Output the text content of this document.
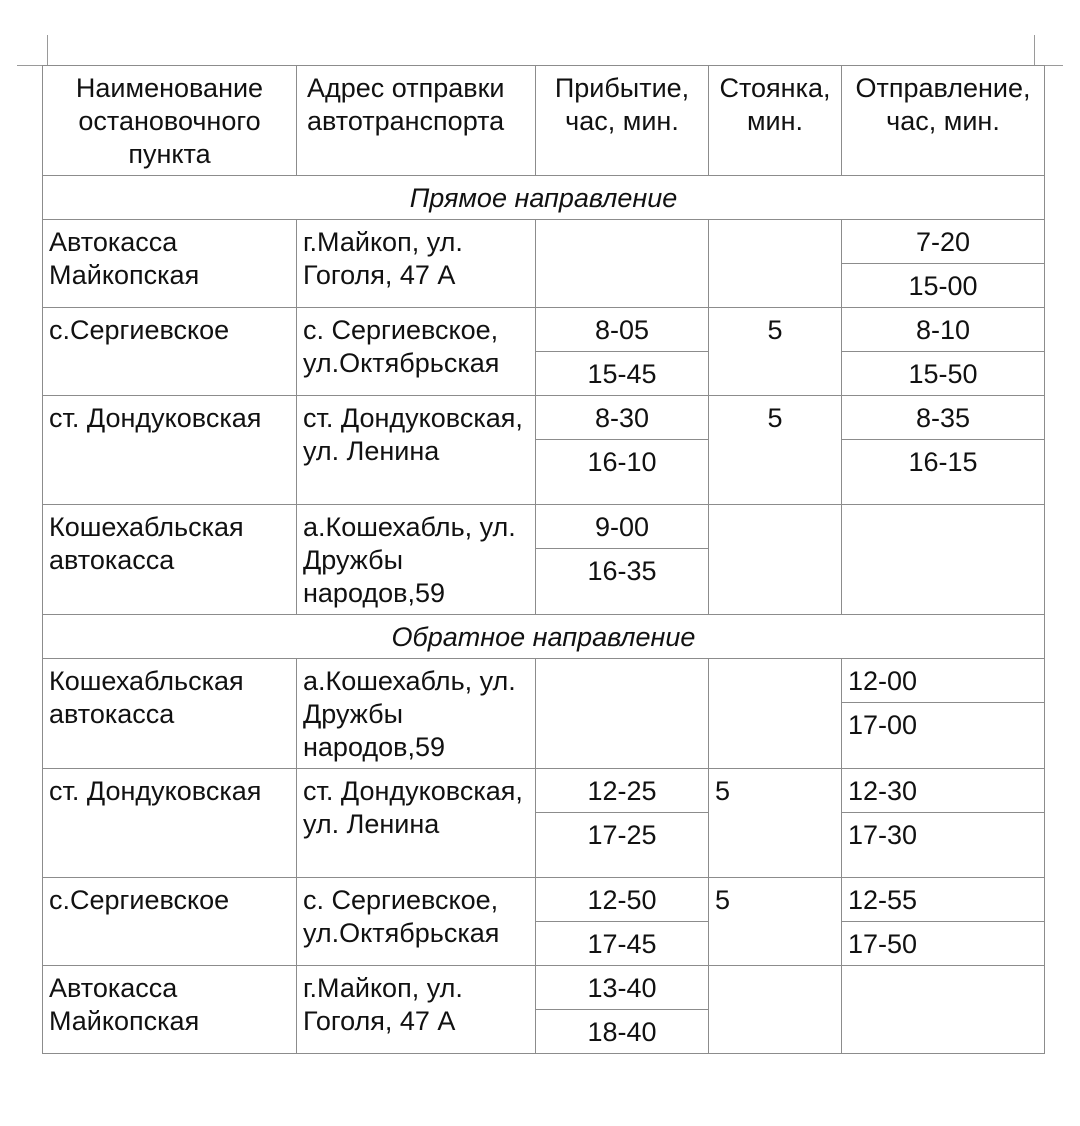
Наименование остановочного пункта	Адрес отправки автотранспорта	Прибытие, час, мин.	Стоянка, мин.	Отправление, час, мин.
Прямое направление				
Автокасса Майкопская	г.Майкоп, ул. Гоголя, 47 А			7-20
				15-00
с.Сергиевское	с. Сергиевское, ул.Октябрьская	8-05	5	8-10
		15-45		15-50
ст. Дондуковская	ст. Дондуковская, ул. Ленина	8-30	5	8-35
		16-10		16-15
Кошехабльская автокасса	а.Кошехабль, ул. Дружбы народов,59	9-00		
		16-35		
Обратное направление				
Кошехабльская автокасса	а.Кошехабль, ул. Дружбы народов,59			12-00
				17-00
ст. Дондуковская	ст. Дондуковская, ул. Ленина	12-25	5	12-30
		17-25		17-30
с.Сергиевское	с. Сергиевское, ул.Октябрьская	12-50	5	12-55
		17-45		17-50
Автокасса Майкопская	г.Майкоп, ул. Гоголя, 47 А	13-40		
		18-40		
